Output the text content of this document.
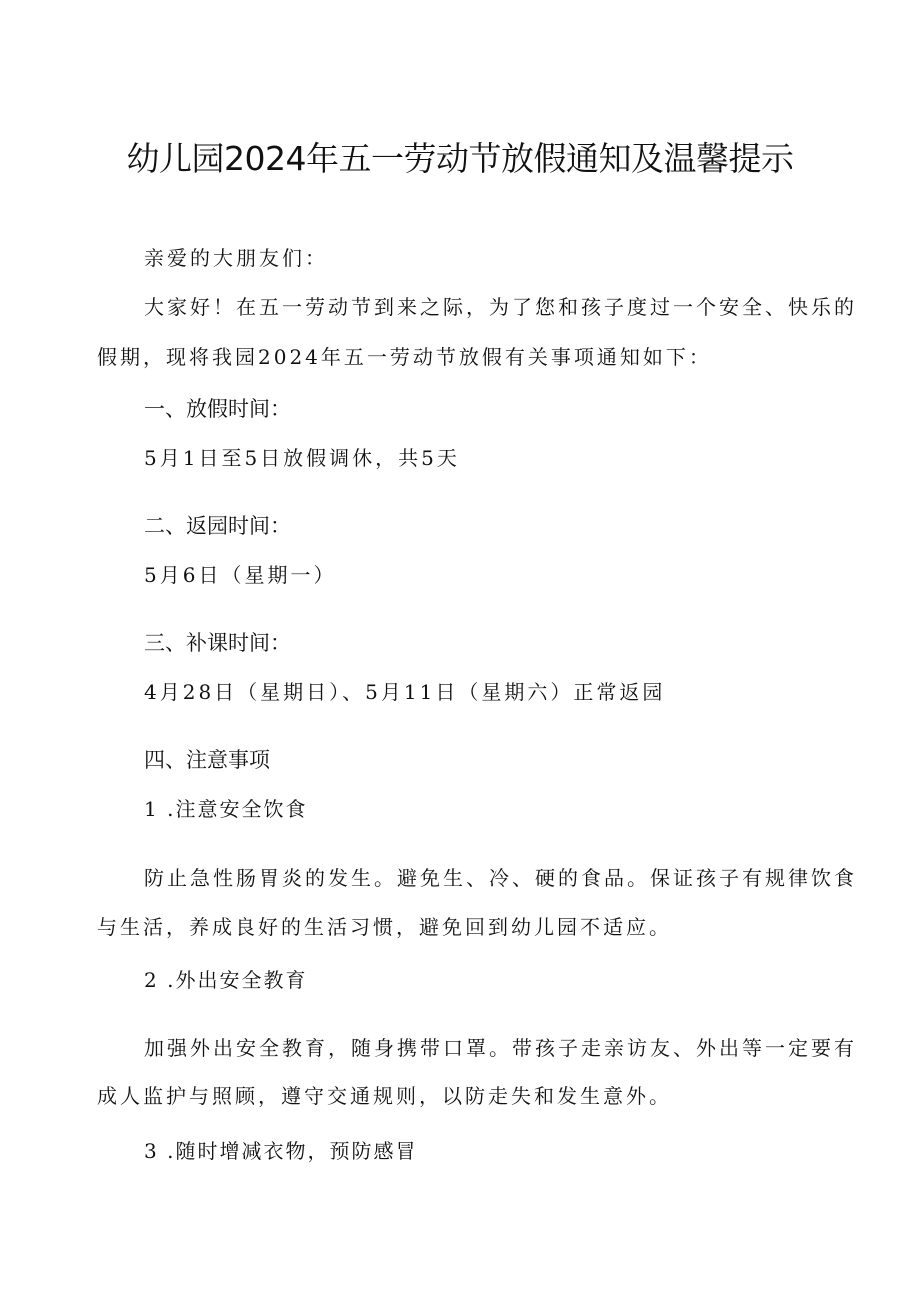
幼儿园2024年五一劳动节放假通知及温馨提示

亲爱的大朋友们：

大家好！在五一劳动节到来之际，为了您和孩子度过一个安全、快乐的

假期，现将我园2024年五一劳动节放假有关事项通知如下：

一、放假时间：

5月1日至5日放假调休，共5天

二、返园时间：

5月6日（星期一）

三、补课时间：

4月28日（星期日）、5月11日（星期六）正常返园

四、注意事项

1 .注意安全饮食

防止急性肠胃炎的发生。避免生、冷、硬的食品。保证孩子有规律饮食

与生活，养成良好的生活习惯，避免回到幼儿园不适应。

2 .外出安全教育

加强外出安全教育，随身携带口罩。带孩子走亲访友、外出等一定要有

成人监护与照顾，遵守交通规则，以防走失和发生意外。

3 .随时增减衣物，预防感冒
